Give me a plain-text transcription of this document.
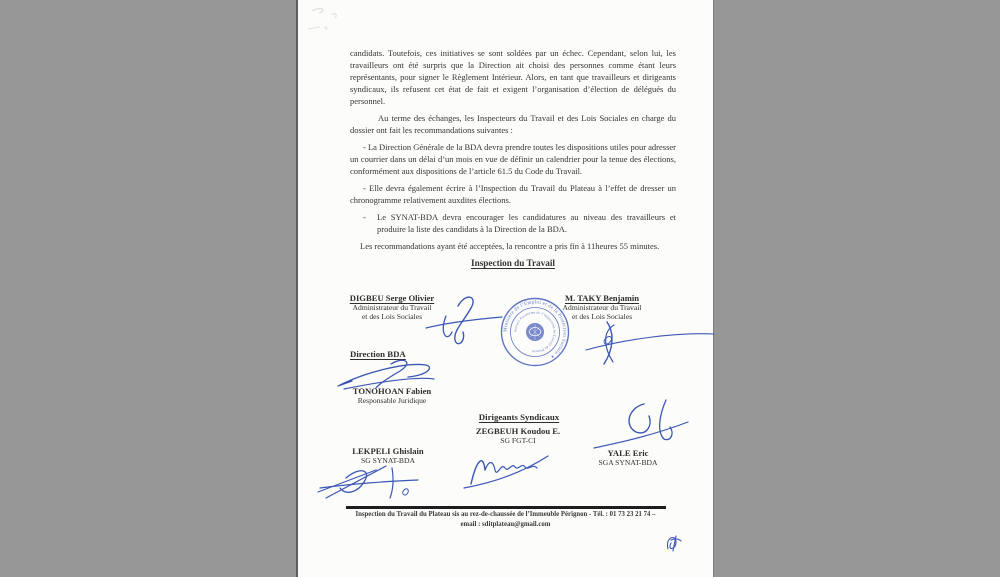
candidats. Toutefois, ces initiatives se sont soldées par un échec. Cependant, selon lui, les travailleurs ont été surpris que la Direction ait choisi des personnes comme étant leurs représentants, pour signer le Règlement Intérieur. Alors, en tant que travailleurs et dirigeants syndicaux, ils refusent cet état de fait et exigent l’organisation d’élection de délégués du personnel.

Au terme des échanges, les Inspecteurs du Travail et des Lois Sociales en charge du dossier ont fait les recommandations suivantes :

- La Direction Générale de la BDA devra prendre toutes les dispositions utiles pour adresser un courrier dans un délai d’un mois en vue de définir un calendrier pour la tenue des élections, conformément aux dispositions de l’article 61.5 du Code du Travail.

- Elle devra également écrire à l’Inspection du Travail du Plateau à l’effet de dresser un chronogramme relativement auxdites élections.

-	Le SYNAT-BDA devra encourager les candidatures au niveau des travailleurs et produire la liste des candidats à la Direction de la BDA.

Les recommandations ayant été acceptées, la rencontre a pris fin à 11heures 55 minutes.

Inspection du Travail

DIGBEU Serge Olivier
Administrateur du Travail
et des Lois Sociales
Ministère de l’Emploi et de la Protection Sociale ✶
Service Autonome de l’Inspection du Travail du Plateau
M. TAKY Benjamin
Administrateur du Travail
et des Lois Sociales
Direction BDA
TONOHOAN Fabien
Responsable Juridique
Dirigeants Syndicaux
ZEGBEUH Koudou E.
SG FGT-CI
LEKPELI Ghislain
SG SYNAT-BDA
YALE Eric
SGA SYNAT-BDA
Inspection du Travail du Plateau sis au rez-de-chaussée de l’Immeuble Pérignon - Tél. : 01 73 23 21 74 –
email : sditplateau@gmail.com
